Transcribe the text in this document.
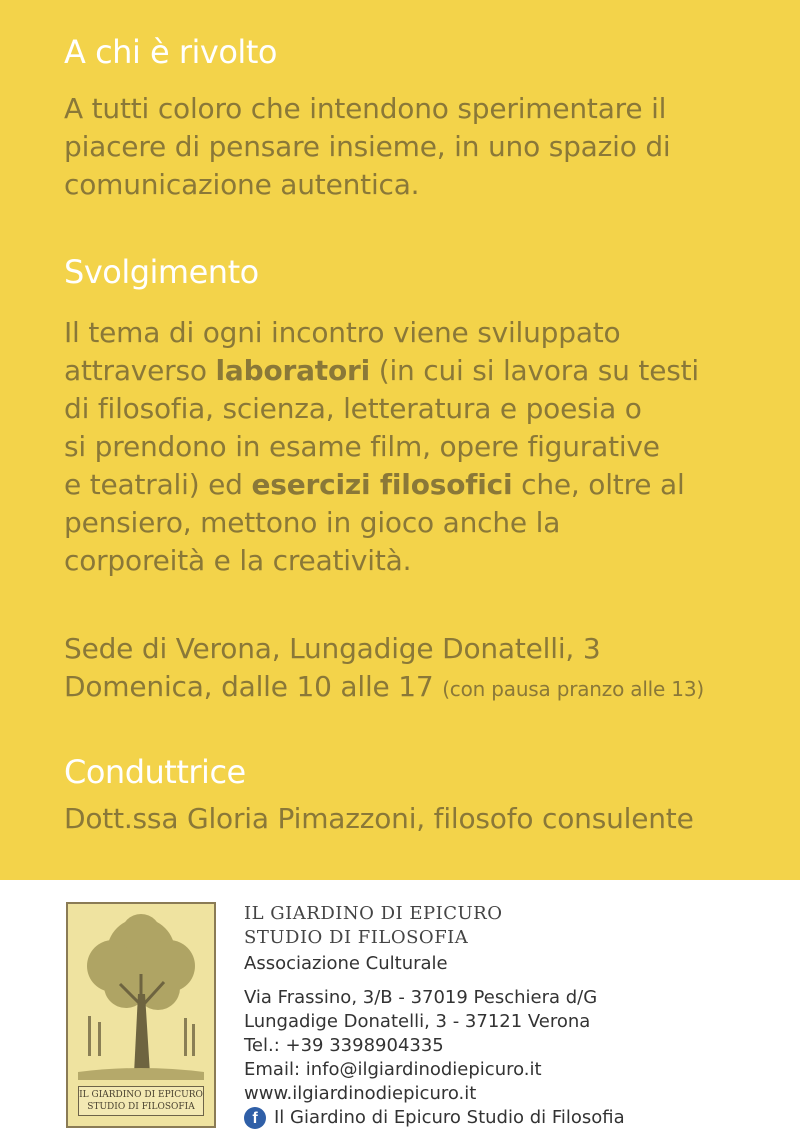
A chi è rivolto

A tutti coloro che intendono sperimentare il
piacere di pensare insieme, in uno spazio di
comunicazione autentica.

Svolgimento

Il tema di ogni incontro viene sviluppato
attraverso laboratori (in cui si lavora su testi
di filosofia, scienza, letteratura e poesia o
si prendono in esame film, opere figurative
e teatrali) ed esercizi filosofici che, oltre al
pensiero, mettono in gioco anche la
corporeità e la creatività.

Sede di Verona, Lungadige Donatelli, 3
Domenica, dalle 10 alle 17 (con pausa pranzo alle 13)

Conduttrice

Dott.ssa Gloria Pimazzoni, filosofo consulente

IL GIARDINO DI EPICURO
STUDIO DI FILOSOFIA
IL GIARDINO DI EPICURO
STUDIO DI FILOSOFIA
Associazione Culturale
Via Frassino, 3/B - 37019 Peschiera d/G
Lungadige Donatelli, 3 - 37121 Verona
Tel.: +39 3398904335
Email: info@ilgiardinodiepicuro.it
www.ilgiardinodiepicuro.it
f Il Giardino di Epicuro Studio di Filosofia
